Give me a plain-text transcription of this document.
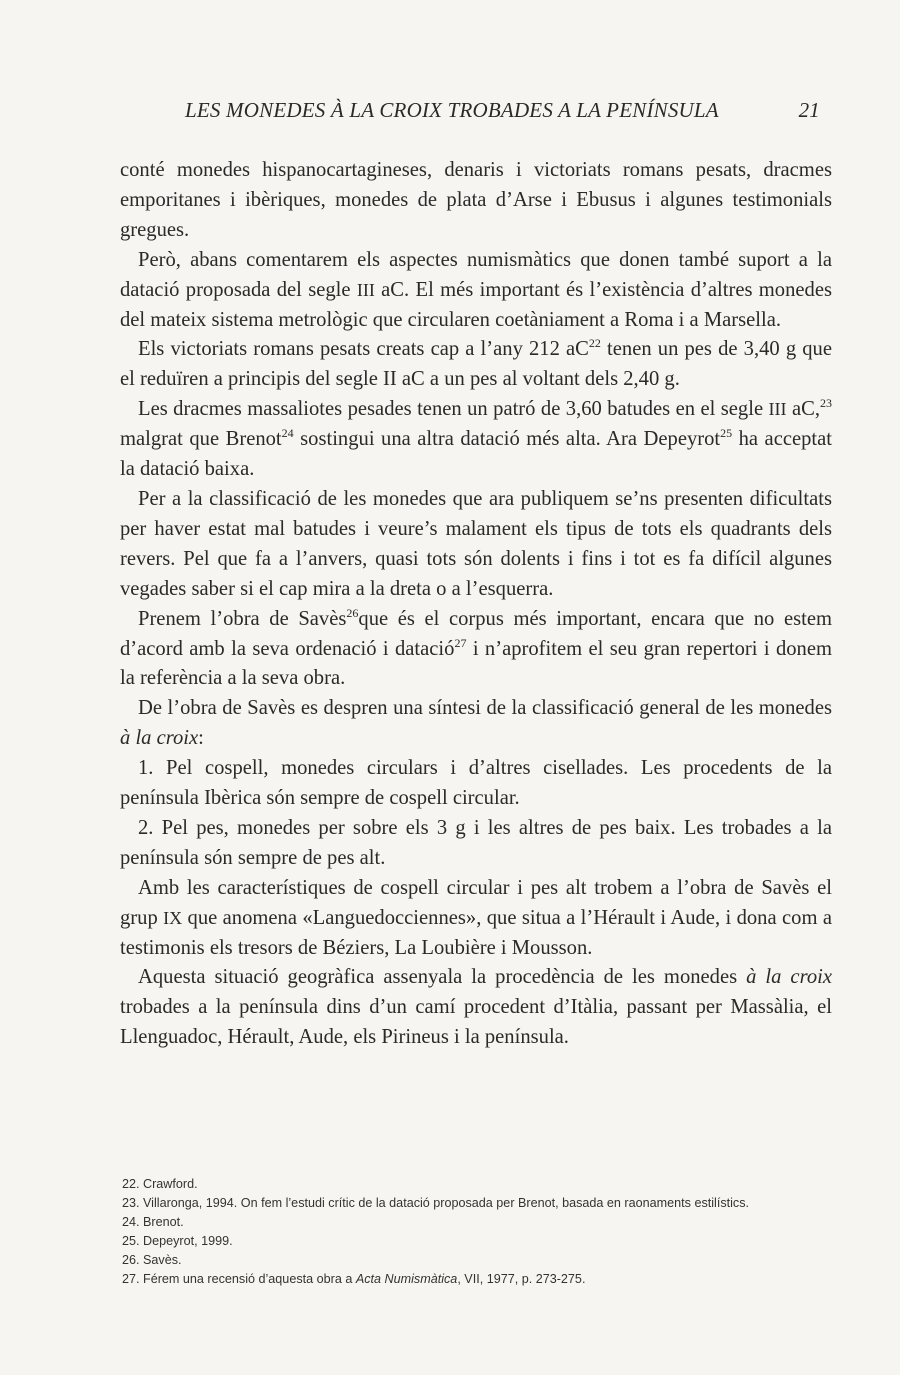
LES MONEDES À LA CROIX TROBADES A LA PENÍNSULA	21

conté monedes hispanocartagineses, denaris i victoriats romans pesats, dracmes emporitanes i ibèriques, monedes de plata d’Arse i Ebusus i algunes testimonials gregues.

Però, abans comentarem els aspectes numismàtics que donen també suport a la datació proposada del segle III aC. El més important és l’existència d’altres monedes del mateix sistema metrològic que circularen coetàniament a Roma i a Marsella.

Els victoriats romans pesats creats cap a l’any 212 $aC^{22}$ tenen un pes de 3,40 g que el reduïren a principis del segle II aC a un pes al voltant dels 2,40 g.

Les dracmes massaliotes pesades tenen un patró de 3,60 batudes en el segle III aC,$^{23}$ malgrat que Brenot$^{24}$ sostingui una altra datació més alta. Ara Depeyrot$^{25}$ ha acceptat la datació baixa.

Per a la classificació de les monedes que ara publiquem se’ns presenten dificultats per haver estat mal batudes i veure’s malament els tipus de tots els quadrants dels revers. Pel que fa a l’anvers, quasi tots són dolents i fins i tot es fa difícil algunes vegades saber si el cap mira a la dreta o a l’esquerra.

Prenem l’obra de Savès$^{26}$que és el corpus més important, encara que no estem d’acord amb la seva ordenació i datació$^{27}$ i n’aprofitem el seu gran repertori i donem la referència a la seva obra.

De l’obra de Savès es despren una síntesi de la classificació general de les monedes à la croix:

1. Pel cospell, monedes circulars i d’altres cisellades. Les procedents de la península Ibèrica són sempre de cospell circular.

2. Pel pes, monedes per sobre els 3 g i les altres de pes baix. Les trobades a la península són sempre de pes alt.

Amb les característiques de cospell circular i pes alt trobem a l’obra de Savès el grup IX que anomena «Languedocciennes», que situa a l’Hérault i Aude, i dona com a testimonis els tresors de Béziers, La Loubière i Mousson.

Aquesta situació geogràfica assenyala la procedència de les monedes à la croix trobades a la península dins d’un camí procedent d’Itàlia, passant per Massàlia, el Llenguadoc, Hérault, Aude, els Pirineus i la península.

22. Crawford.
23. Villaronga, 1994. On fem l’estudi crític de la datació proposada per Brenot, basada en raonaments estilístics.
24. Brenot.
25. Depeyrot, 1999.
26. Savès.
27. Férem una recensió d’aquesta obra a Acta Numismàtica, VII, 1977, p. 273-275.
